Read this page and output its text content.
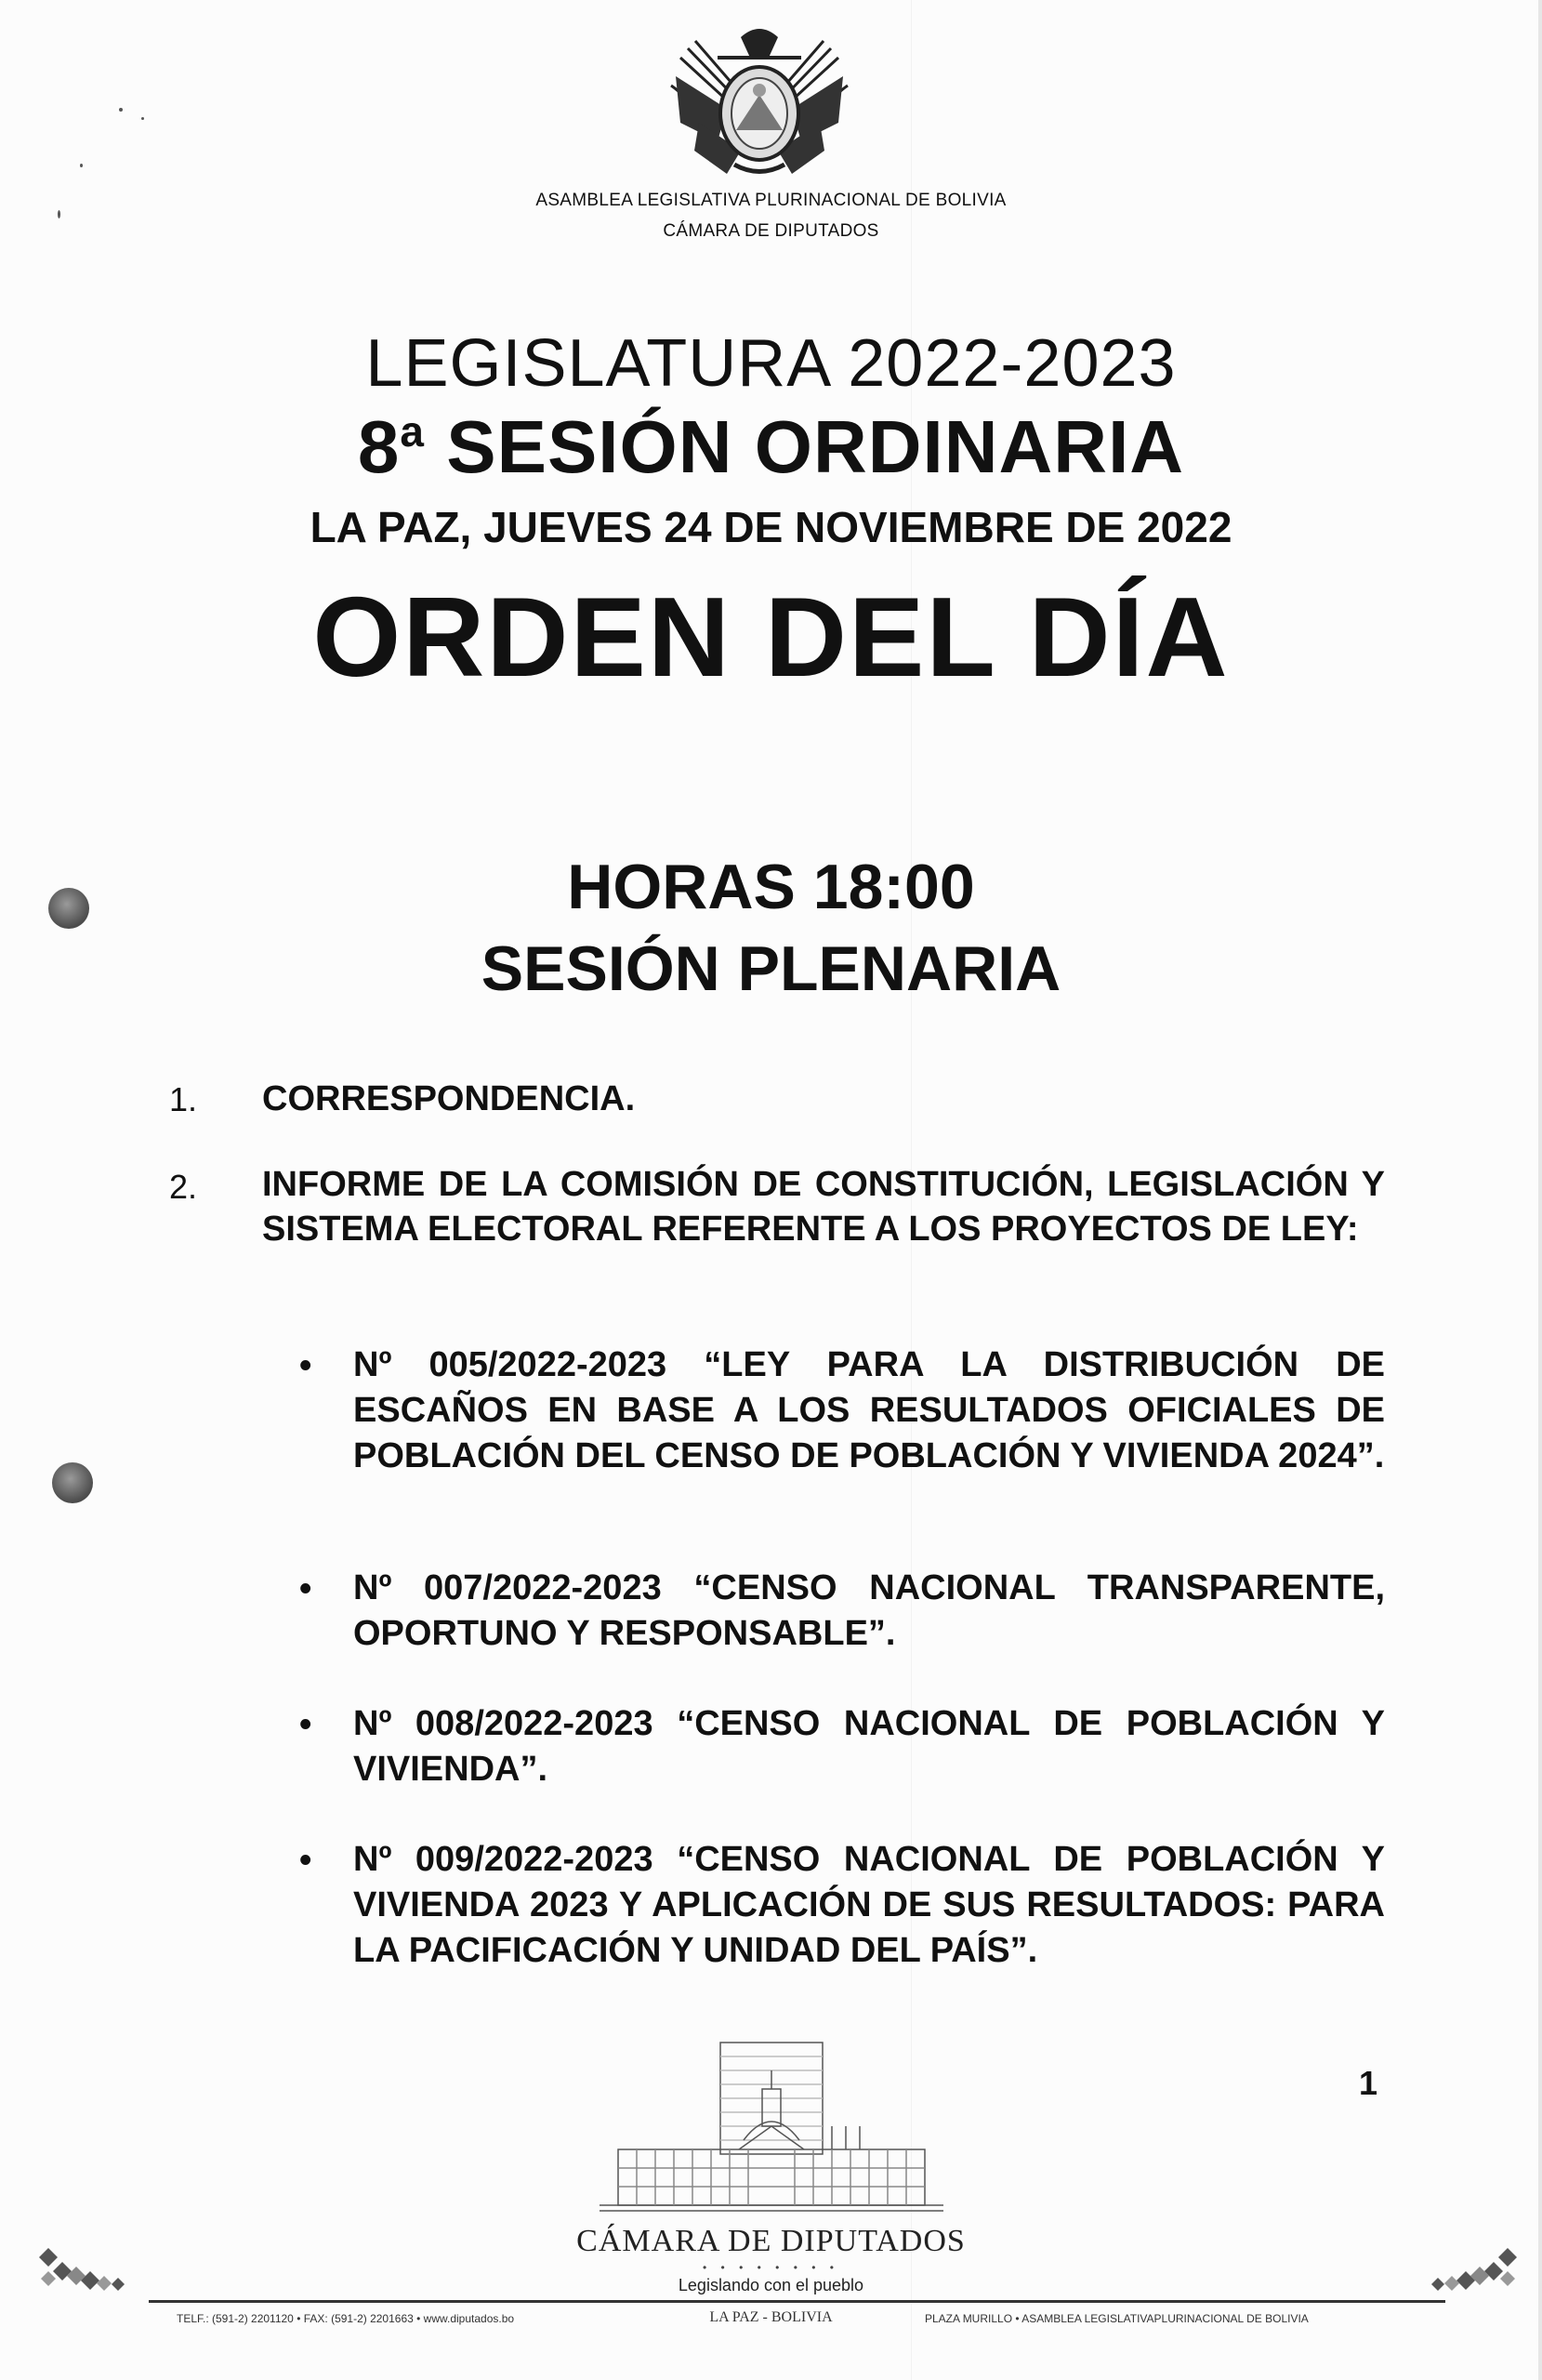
ASAMBLEA LEGISLATIVA PLURINACIONAL DE BOLIVIA
CÁMARA DE DIPUTADOS
LEGISLATURA 2022-2023
8$^a$ SESIÓN ORDINARIA
LA PAZ, JUEVES 24 DE NOVIEMBRE DE 2022
ORDEN DEL DÍA
HORAS 18:00
SESIÓN PLENARIA
1. CORRESPONDENCIA.
2. INFORME DE LA COMISIÓN DE CONSTITUCIÓN, LEGISLACIÓN Y SISTEMA ELECTORAL REFERENTE A LOS PROYECTOS DE LEY:
• Nº 005/2022-2023 “LEY PARA LA DISTRIBUCIÓN DE ESCAÑOS EN BASE A LOS RESULTADOS OFICIALES DE POBLACIÓN DEL CENSO DE POBLACIÓN Y VIVIENDA 2024”.
• Nº 007/2022-2023 “CENSO NACIONAL TRANSPARENTE, OPORTUNO Y RESPONSABLE”.
• Nº 008/2022-2023 “CENSO NACIONAL DE POBLACIÓN Y VIVIENDA”.
• Nº 009/2022-2023 “CENSO NACIONAL DE POBLACIÓN Y VIVIENDA 2023 Y APLICACIÓN DE SUS RESULTADOS: PARA LA PACIFICACIÓN Y UNIDAD DEL PAÍS”.
1
CÁMARA DE DIPUTADOS
• • • • • • • •
Legislando con el pueblo
TELF.: (591-2) 2201120 • FAX: (591-2) 2201663 • www.diputados.bo	LA PAZ - BOLIVIA	PLAZA MURILLO • ASAMBLEA LEGISLATIVAPLURINACIONAL DE BOLIVIA
